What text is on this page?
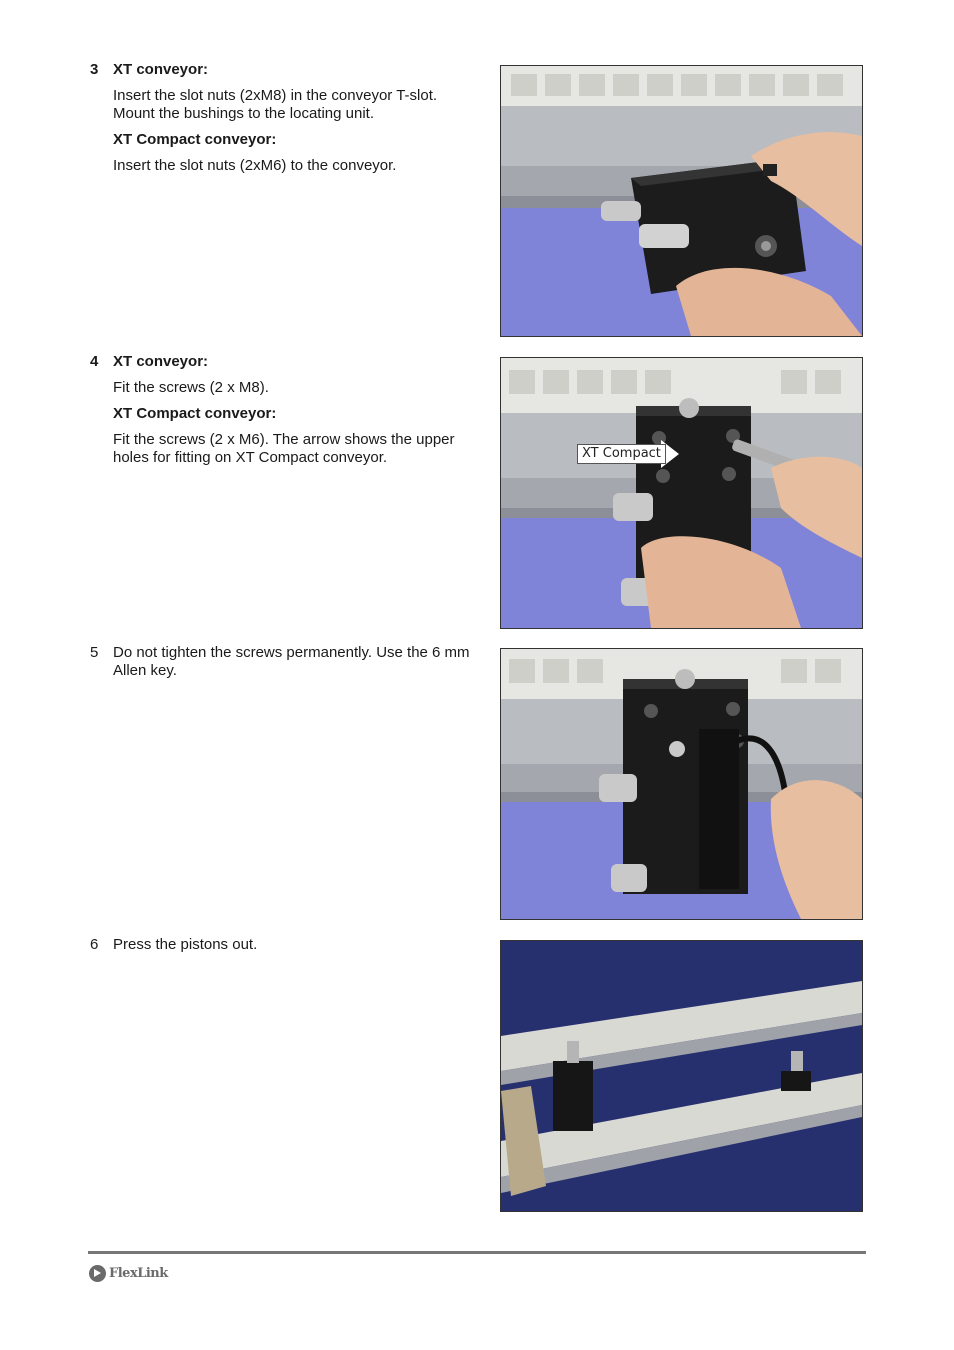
3 XT conveyor:

Insert the slot nuts (2xM8) in the conveyor T-slot. Mount the bushings to the locating unit.

XT Compact conveyor:

Insert the slot nuts (2xM6) to the conveyor.

4 XT conveyor:

Fit the screws (2 x M8).

XT Compact conveyor:

Fit the screws (2 x M6). The arrow shows the upper holes for fitting on XT Compact conveyor.

5 Do not tighten the screws permanently. Use the 6 mm Allen key.

6 Press the pistons out.

XT Compact
FlexLink
